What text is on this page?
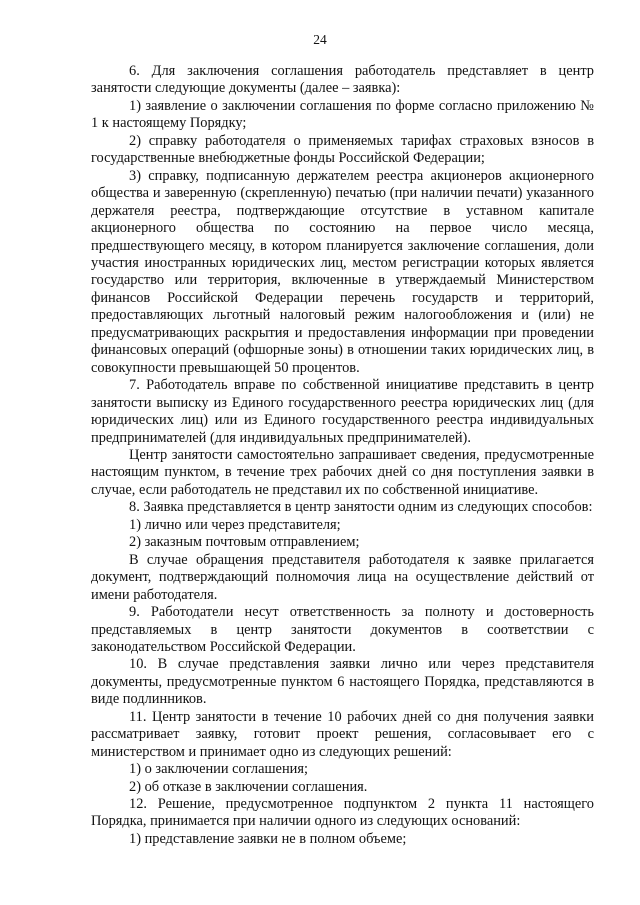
24

6. Для заключения соглашения работодатель представляет в центр занятости следующие документы (далее – заявка):

1) заявление о заключении соглашения по форме согласно приложению № 1 к настоящему Порядку;

2) справку работодателя о применяемых тарифах страховых взносов в государственные внебюджетные фонды Российской Федерации;

3) справку, подписанную держателем реестра акционеров акционерного общества и заверенную (скрепленную) печатью (при наличии печати) указанного держателя реестра, подтверждающие отсутствие в уставном капитале акционерного общества по состоянию на первое число месяца, предшествующего месяцу, в котором планируется заключение соглашения, доли участия иностранных юридических лиц, местом регистрации которых является государство или территория, включенные в утверждаемый Министерством финансов Российской Федерации перечень государств и территорий, предоставляющих льготный налоговый режим налогообложения и (или) не предусматривающих раскрытия и предоставления информации при проведении финансовых операций (офшорные зоны) в отношении таких юридических лиц, в совокупности превышающей 50 процентов.

7. Работодатель вправе по собственной инициативе представить в центр занятости выписку из Единого государственного реестра юридических лиц (для юридических лиц) или из Единого государственного реестра индивидуальных предпринимателей (для индивидуальных предпринимателей).

Центр занятости самостоятельно запрашивает сведения, предусмотренные настоящим пунктом, в течение трех рабочих дней со дня поступления заявки в случае, если работодатель не представил их по собственной инициативе.

8. Заявка представляется в центр занятости одним из следующих способов:

1) лично или через представителя;

2) заказным почтовым отправлением;

В случае обращения представителя работодателя к заявке прилагается документ, подтверждающий полномочия лица на осуществление действий от имени работодателя.

9. Работодатели несут ответственность за полноту и достоверность представляемых в центр занятости документов в соответствии с законодательством Российской Федерации.

10. В случае представления заявки лично или через представителя документы, предусмотренные пунктом 6 настоящего Порядка, представляются в виде подлинников.

11. Центр занятости в течение 10 рабочих дней со дня получения заявки рассматривает заявку, готовит проект решения, согласовывает его с министерством и принимает одно из следующих решений:

1) о заключении соглашения;

2) об отказе в заключении соглашения.

12. Решение, предусмотренное подпунктом 2 пункта 11 настоящего Порядка, принимается при наличии одного из следующих оснований:

1) представление заявки не в полном объеме;
